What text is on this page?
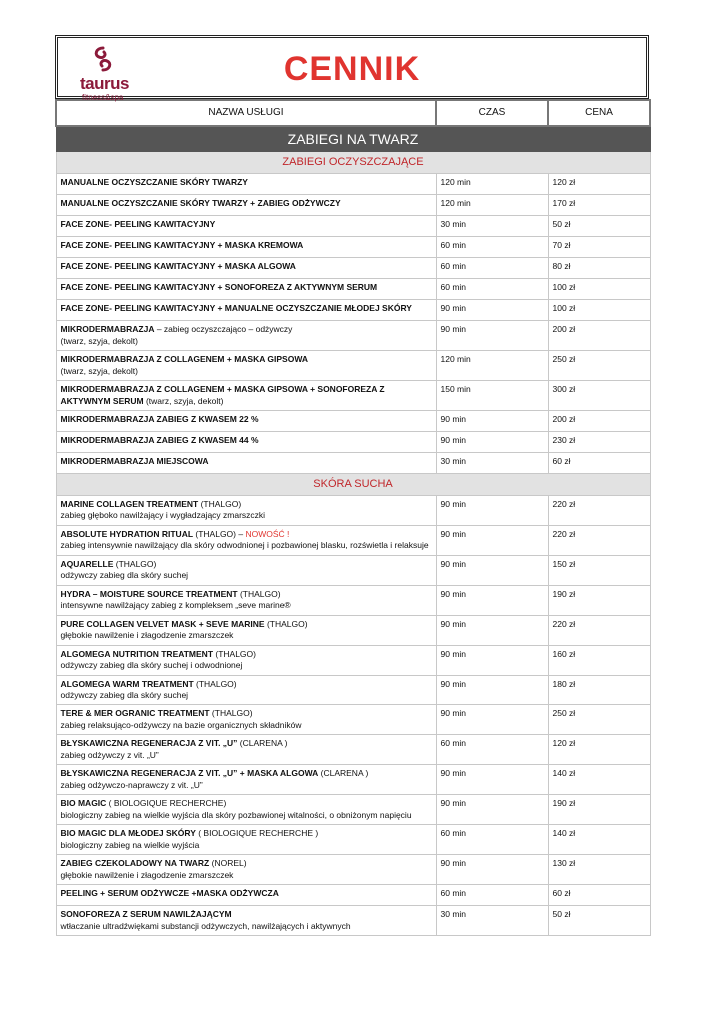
taurus
fitness&spa
CENNIK
NAZWA USŁUGI	CZAS	CENA
ZABIEGI NA TWARZ		
ZABIEGI OCZYSZCZAJĄCE		
MANUALNE OCZYSZCZANIE SKÓRY TWARZY	120 min	120 zł
MANUALNE OCZYSZCZANIE SKÓRY TWARZY + ZABIEG ODŻYWCZY	120 min	170 zł
FACE ZONE- PEELING KAWITACYJNY	30 min	50 zł
FACE ZONE- PEELING KAWITACYJNY + MASKA KREMOWA	60 min	70 zł
FACE ZONE- PEELING KAWITACYJNY + MASKA ALGOWA	60 min	80 zł
FACE ZONE- PEELING KAWITACYJNY + SONOFOREZA Z AKTYWNYM SERUM	60 min	100 zł
FACE ZONE- PEELING KAWITACYJNY + MANUALNE OCZYSZCZANIE MŁODEJ SKÓRY	90 min	100 zł
MIKRODERMABRAZJA – zabieg oczyszczająco – odżywczy
(twarz, szyja, dekolt)	90 min	200 zł
MIKRODERMABRAZJA Z COLLAGENEM + MASKA GIPSOWA
(twarz, szyja, dekolt)	120 min	250 zł
MIKRODERMABRAZJA Z COLLAGENEM + MASKA GIPSOWA + SONOFOREZA Z AKTYWNYM SERUM (twarz, szyja, dekolt)	150 min	300 zł
MIKRODERMABRAZJA ZABIEG Z KWASEM 22 %	90 min	200 zł
MIKRODERMABRAZJA ZABIEG Z KWASEM 44 %	90 min	230 zł
MIKRODERMABRAZJA MIEJSCOWA	30 min	60 zł
SKÓRA SUCHA		
MARINE COLLAGEN TREATMENT (THALGO)
zabieg głęboko nawilżający i wygładzający zmarszczki	90 min	220 zł
ABSOLUTE HYDRATION RITUAL (THALGO) – NOWOŚĆ !
zabieg intensywnie nawilżający dla skóry odwodnionej i pozbawionej blasku, rozświetla i relaksuje	90 min	220 zł
AQUARELLE (THALGO)
odżywczy zabieg dla skóry suchej	90 min	150 zł
HYDRA – MOISTURE SOURCE TREATMENT (THALGO)
intensywne nawilżający zabieg z kompleksem „seve marine®	90 min	190 zł
PURE COLLAGEN VELVET MASK + SEVE MARINE (THALGO)
głębokie nawilżenie i złagodzenie zmarszczek	90 min	220 zł
ALGOMEGA NUTRITION TREATMENT (THALGO)
odżywczy zabieg dla skóry suchej i odwodnionej	90 min	160 zł
ALGOMEGA WARM TREATMENT (THALGO)
odżywczy zabieg dla skóry suchej	90 min	180 zł
TERE & MER OGRANIC TREATMENT (THALGO)
zabieg relaksująco-odżywczy na bazie organicznych składników	90 min	250 zł
BŁYSKAWICZNA REGENERACJA Z VIT. „U” (CLARENA )
zabieg odżywczy z vit. „U”	60 min	120 zł
BŁYSKAWICZNA REGENERACJA Z VIT. „U” + MASKA ALGOWA (CLARENA )
zabieg odżywczo-naprawczy z vit. „U”	90 min	140 zł
BIO MAGIC ( BIOLOGIQUE RECHERCHE)
biologiczny zabieg na wielkie wyjścia dla skóry pozbawionej witalności, o obniżonym napięciu	90 min	190 zł
BIO MAGIC DLA MŁODEJ SKÓRY ( BIOLOGIQUE RECHERCHE )
biologiczny zabieg na wielkie wyjścia	60 min	140 zł
ZABIEG CZEKOLADOWY NA TWARZ (NOREL)
głębokie nawilżenie i złagodzenie zmarszczek	90 min	130 zł
PEELING + SERUM ODŻYWCZE +MASKA ODŻYWCZA	60 min	60 zł
SONOFOREZA Z SERUM NAWILŻAJĄCYM
wtłaczanie ultradźwiękami substancji odżywczych, nawilżających i aktywnych	30 min	50 zł
